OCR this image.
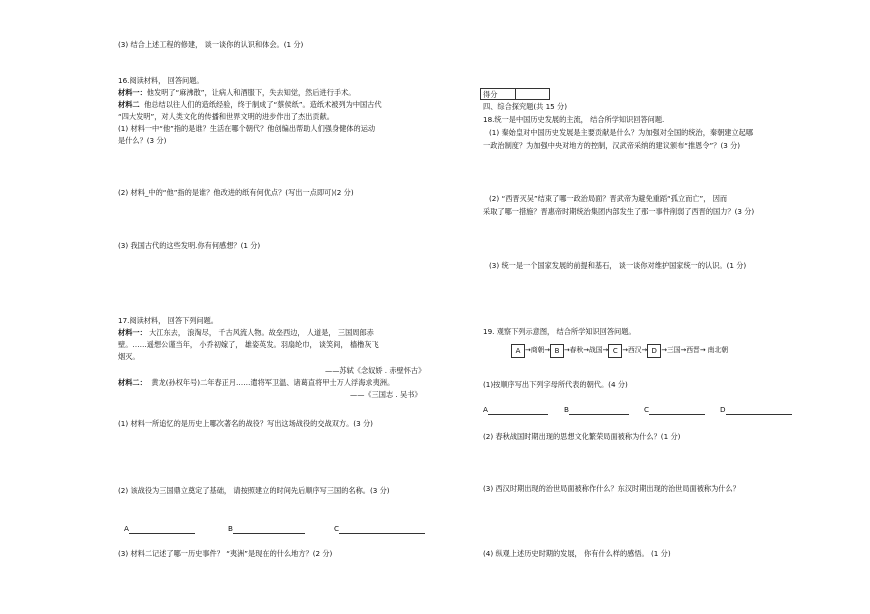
(3) 结合上述工程的修建， 谈一谈你的认识和体会。(1 分)
16.阅读材料， 回答问题。
材料一：他发明了“麻沸散”，让病人和酒服下，失去知觉，然后进行手术。
材料二 他总结以往人们的造纸经验，终于制成了“蔡侯纸”。造纸术被列为中国古代
“四大发明”，对人类文化的传播和世界文明的进步作出了杰出贡献。
(1) 材料一中“他”指的是谁？生活在哪个朝代？他创编出帮助人们强身健体的运动
是什么？(3 分)
(2) 材料_中的“他”指的是谁？他改进的纸有何优点？(写出一点即可)(2 分)
(3) 我国古代的这些发明.你有何感想？(1 分)
17.阅读材料， 回答下列问题。
材料一： 大江东去， 浪淘尽， 千古风流人物。故垒西边， 人道是， 三国周郎赤
壁。……遥想公谨当年， 小乔初嫁了， 雄姿英发。羽扇纶巾， 谈笑间， 樯橹灰飞
烟灭。
——苏轼《念奴娇 . 赤壁怀古》
材料二： 黄龙(孙权年号)二年春正月……遣将军卫温、诸葛直将甲士万人浮海求夷洲。
——《三国志 . 吴书》
(1) 材料一所追忆的是历史上哪次著名的战役？写出这场战役的交战双方。(3 分)
(2) 该战役为三国鼎立奠定了基础， 请按照建立的时间先后顺序写三国的名称。(3 分)
A	B	C
(3) 材料二记述了哪一历史事件？ “夷洲”是现在的什么地方？(2 分)
得分
四、综合探究题(共 15 分)
18.统一是中国历史发展的主流， 结合所学知识回答问题.
(1) 秦始皇对中国历史发展是主要贡献是什么？为加强对全国的统治，秦朝建立起哪
一政治制度？为加强中央对地方的控制，汉武帝采纳的建议颁布“推恩令”？(3 分)
(2) “西晋灭吴”结束了哪一政治局面？晋武帝为避免重蹈“孤立而亡”， 因而
采取了哪一措施？晋惠帝时期统治集团内部发生了那一事件削弱了西晋的国力？(3 分)
(3) 统一是一个国家发展的前提和基石， 谈一谈你对维护国家统一的认识。(1 分)
19. 观察下列示意图， 结合所学知识回答问题。
A →商朝→ B →春秋→战国→ C →西汉→ D →三国→西晋→ 南北朝
(1)按顺序写出下列字母所代表的朝代。(4 分)
A	B	C	D
(2) 春秋战国时期出现的思想文化繁荣局面被称为什么？(1 分)
(3) 西汉时期出现的治世局面被称作什么？东汉时期出现的治世局面被称为什么？
(4) 纵观上述历史时期的发展， 你有什么样的感悟。 (1 分)
